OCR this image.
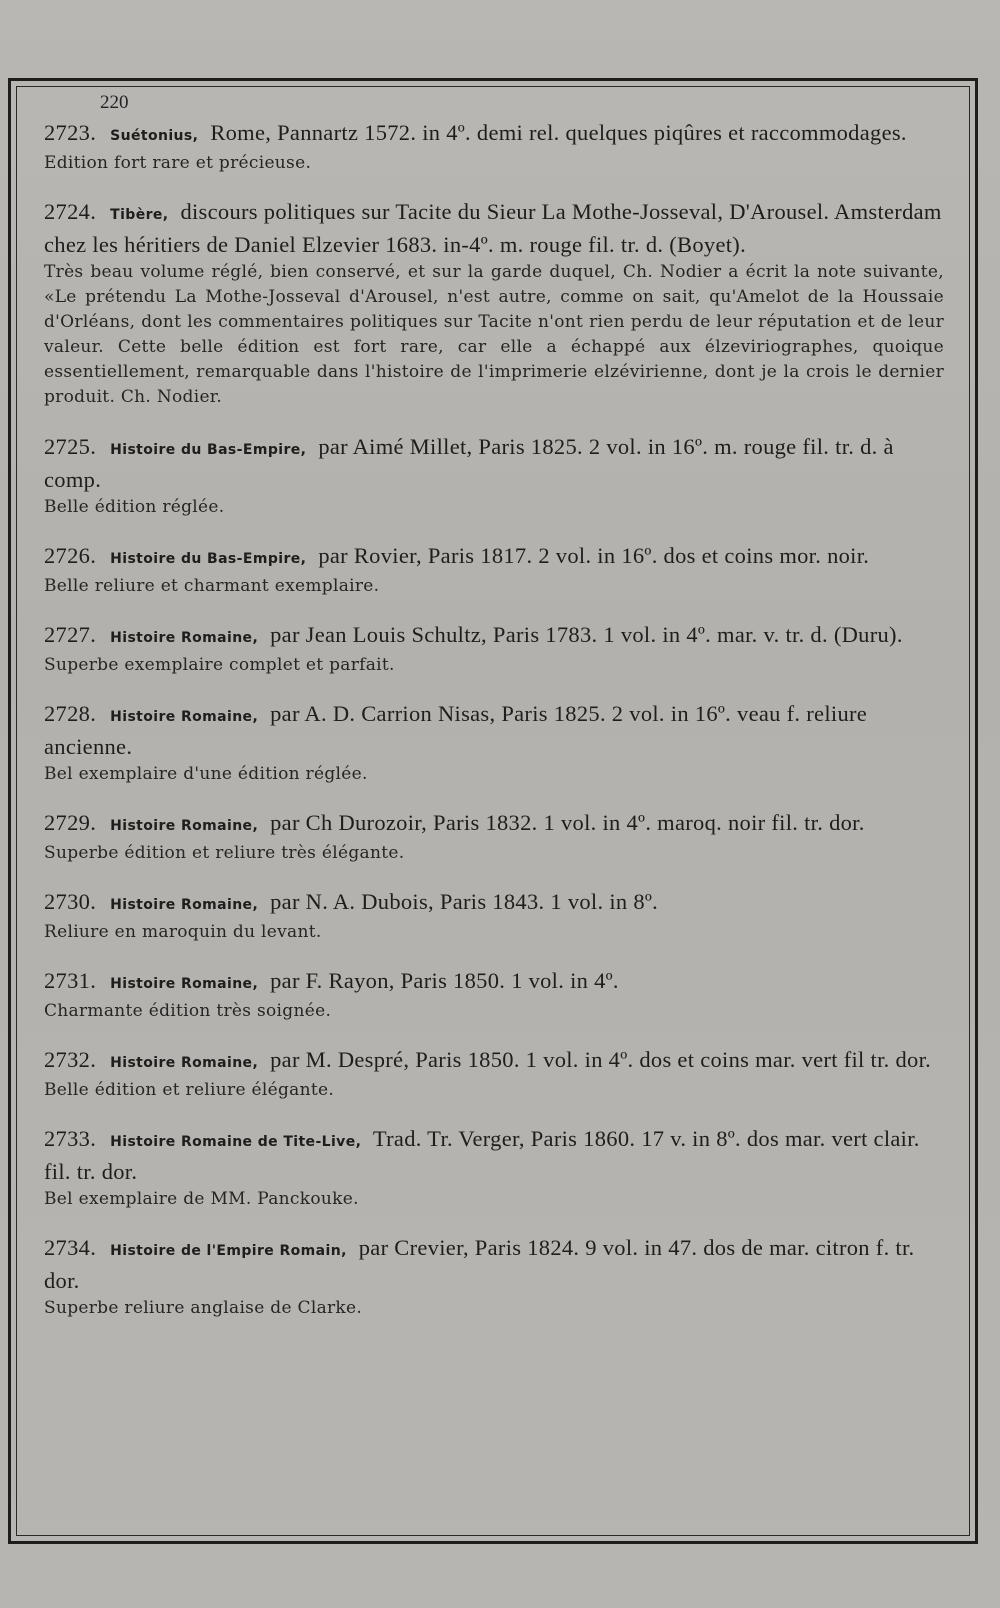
220
2723. Suétonius, Rome, Pannartz 1572. in 4º. demi rel. quelques piqûres et raccommodages.
Edition fort rare et précieuse.
2724. Tibère, discours politiques sur Tacite du Sieur La Mothe-Josseval, D'Arousel. Amsterdam chez les héritiers de Daniel Elzevier 1683. in-4º. m. rouge fil. tr. d. (Boyet).
Très beau volume réglé, bien conservé, et sur la garde duquel, Ch. Nodier a écrit la note suivante, «Le prétendu La Mothe-Josseval d'Arousel, n'est autre, comme on sait, qu'Amelot de la Houssaie d'Orléans, dont les commentaires politiques sur Tacite n'ont rien perdu de leur réputation et de leur valeur. Cette belle édition est fort rare, car elle a échappé aux élzeviriographes, quoique essentiellement, remarquable dans l'histoire de l'imprimerie elzévirienne, dont je la crois le dernier produit. Ch. Nodier.
2725. Histoire du Bas-Empire, par Aimé Millet, Paris 1825. 2 vol. in 16º. m. rouge fil. tr. d. à comp.
Belle édition réglée.
2726. Histoire du Bas-Empire, par Rovier, Paris 1817. 2 vol. in 16º. dos et coins mor. noir.
Belle reliure et charmant exemplaire.
2727. Histoire Romaine, par Jean Louis Schultz, Paris 1783. 1 vol. in 4º. mar. v. tr. d. (Duru).
Superbe exemplaire complet et parfait.
2728. Histoire Romaine, par A. D. Carrion Nisas, Paris 1825. 2 vol. in 16º. veau f. reliure ancienne.
Bel exemplaire d'une édition réglée.
2729. Histoire Romaine, par Ch Durozoir, Paris 1832. 1 vol. in 4º. maroq. noir fil. tr. dor.
Superbe édition et reliure très élégante.
2730. Histoire Romaine, par N. A. Dubois, Paris 1843. 1 vol. in 8º.
Reliure en maroquin du levant.
2731. Histoire Romaine, par F. Rayon, Paris 1850. 1 vol. in 4º.
Charmante édition très soignée.
2732. Histoire Romaine, par M. Despré, Paris 1850. 1 vol. in 4º. dos et coins mar. vert fil tr. dor.
Belle édition et reliure élégante.
2733. Histoire Romaine de Tite-Live, Trad. Tr. Verger, Paris 1860. 17 v. in 8º. dos mar. vert clair. fil. tr. dor.
Bel exemplaire de MM. Panckouke.
2734. Histoire de l'Empire Romain, par Crevier, Paris 1824. 9 vol. in 47. dos de mar. citron f. tr. dor.
Superbe reliure anglaise de Clarke.
